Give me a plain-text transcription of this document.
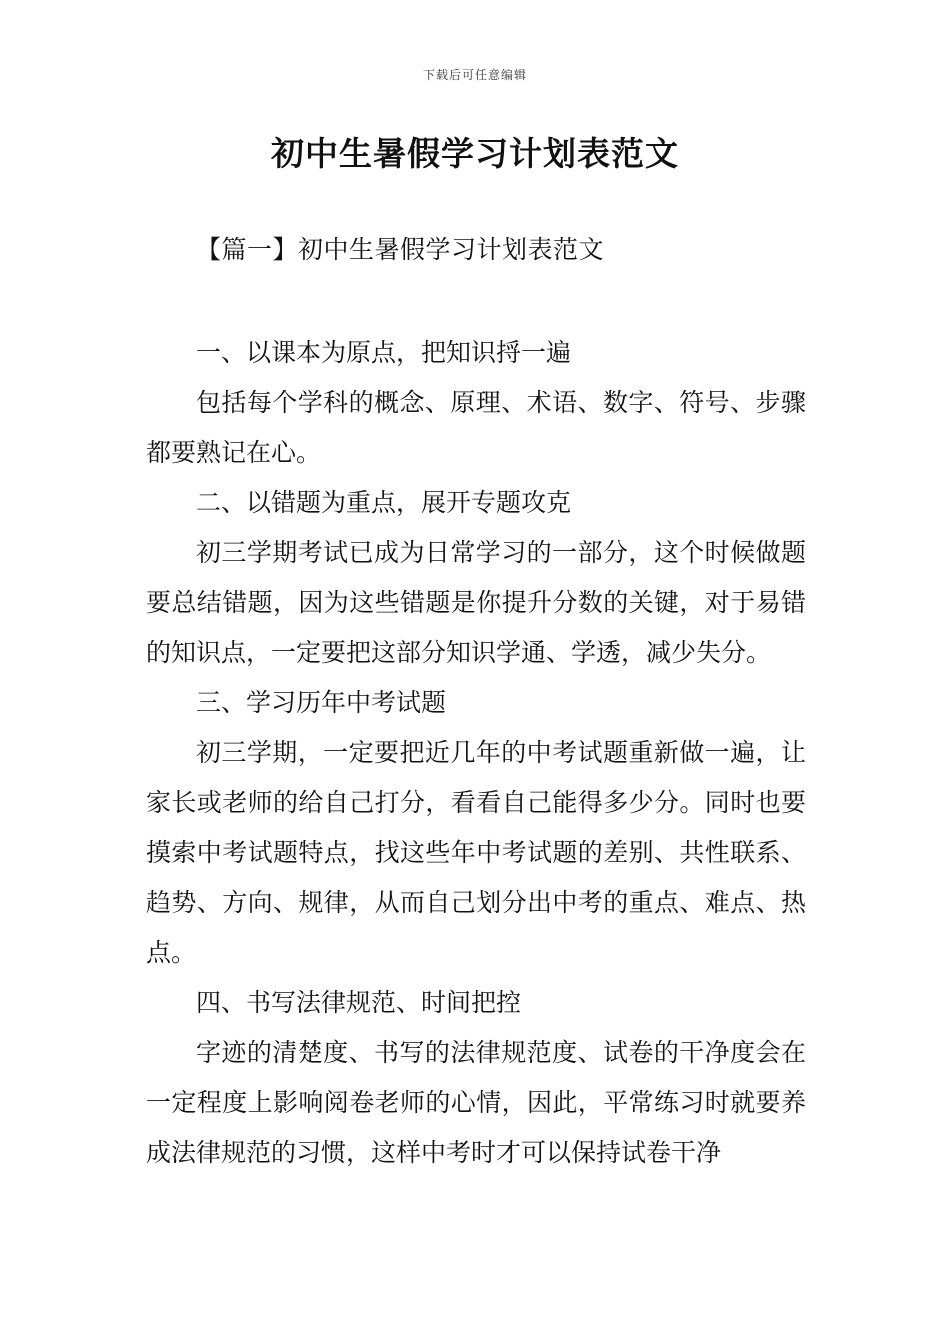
下载后可任意编辑
初中生暑假学习计划表范文
【篇一】初中生暑假学习计划表范文

一、以课本为原点，把知识捋一遍

包括每个学科的概念、原理、术语、数字、符号、步骤都要熟记在心。

二、以错题为重点，展开专题攻克

初三学期考试已成为日常学习的一部分，这个时候做题要总结错题，因为这些错题是你提升分数的关键，对于易错的知识点，一定要把这部分知识学通、学透，减少失分。

三、学习历年中考试题

初三学期，一定要把近几年的中考试题重新做一遍，让家长或老师的给自己打分，看看自己能得多少分。同时也要摸索中考试题特点，找这些年中考试题的差别、共性联系、趋势、方向、规律，从而自己划分出中考的重点、难点、热点。

四、书写法律规范、时间把控

字迹的清楚度、书写的法律规范度、试卷的干净度会在一定程度上影响阅卷老师的心情，因此，平常练习时就要养成法律规范的习惯，这样中考时才可以保持试卷干净
